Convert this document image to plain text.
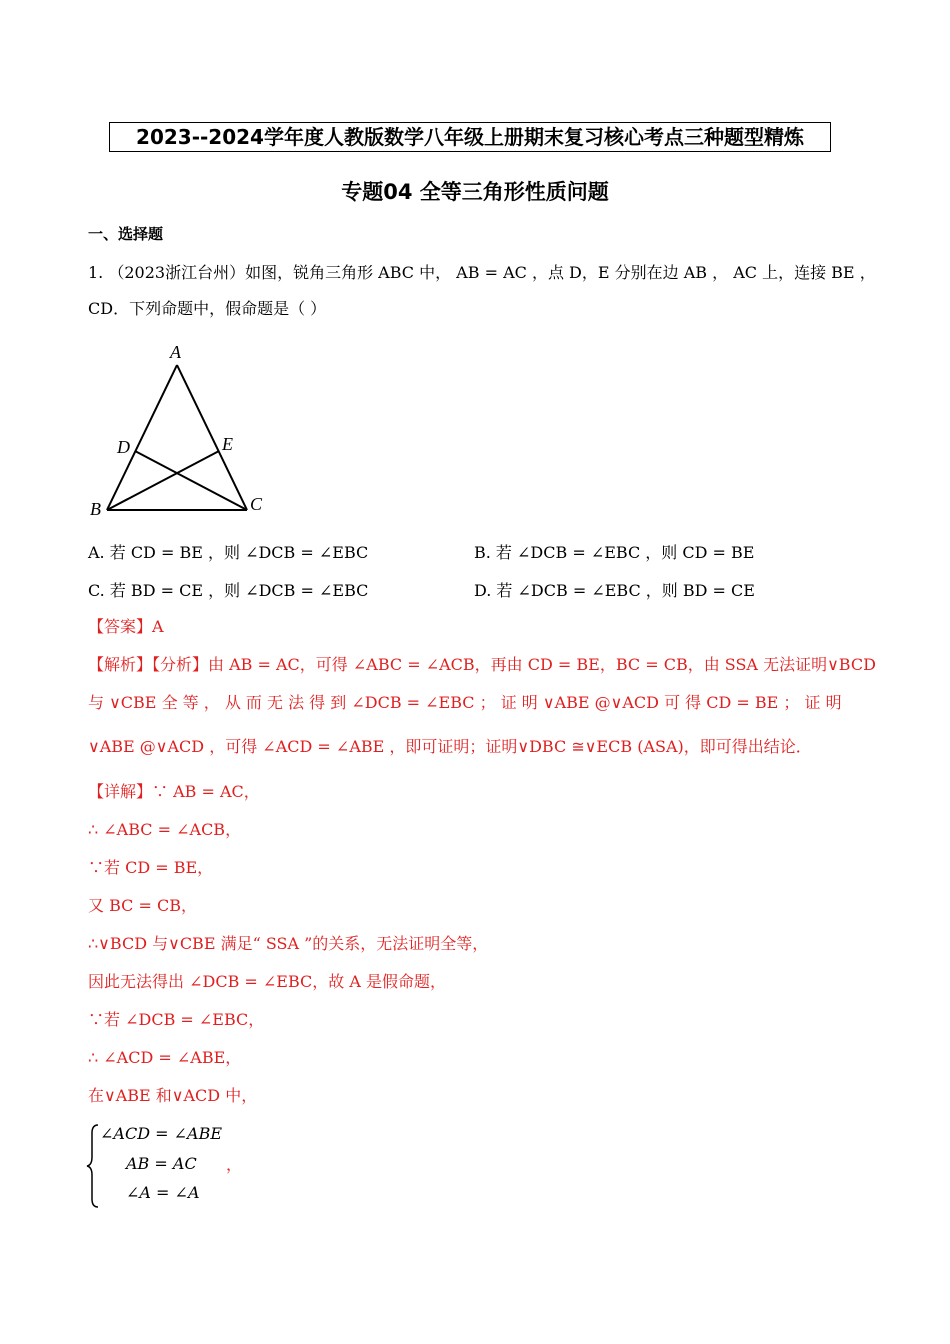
2023--2024学年度人教版数学八年级上册期末复习核心考点三种题型精炼
专题04 全等三角形性质问题
一、选择题
1. （2023浙江台州）如图，锐角三角形 ABC 中， AB = AC ，点 D，E 分别在边 AB ， AC 上，连接 BE ，
CD．下列命题中，假命题是（ ）
A
D	E
B	C
A. 若 CD = BE ，则 ∠DCB = ∠EBC	B. 若 ∠DCB = ∠EBC ，则 CD = BE
C. 若 BD = CE ，则 ∠DCB = ∠EBC	D. 若 ∠DCB = ∠EBC ，则 BD = CE
【答案】A
【解析】【分析】由 AB = AC，可得 ∠ABC = ∠ACB，再由 CD = BE，BC = CB，由 SSA 无法证明∨BCD
与 ∨CBE 全 等 ， 从 而 无 法 得 到 ∠DCB = ∠EBC ； 证 明 ∨ABE @∨ACD 可 得 CD = BE ； 证 明
∨ABE @∨ACD ，可得 ∠ACD = ∠ABE ，即可证明；证明∨DBC ≅∨ECB (ASA)，即可得出结论．
【详解】∵ AB = AC，
∴ ∠ABC = ∠ACB，
∵若 CD = BE，
又 BC = CB，
∴∨BCD 与∨CBE 满足“ SSA ”的关系，无法证明全等，
因此无法得出 ∠DCB = ∠EBC，故 A 是假命题，
∵若 ∠DCB = ∠EBC，
∴ ∠ACD = ∠ABE，
在∨ABE 和∨ACD 中，
∠ACD = ∠ABE
AB = AC
∠A = ∠A
，
